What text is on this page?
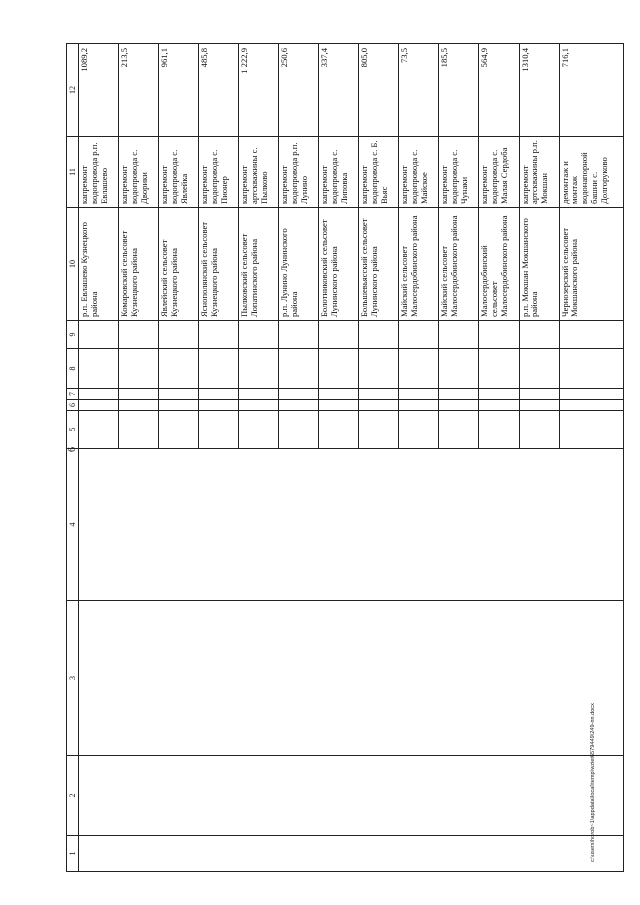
6
1	2	3	4	5	6	7	8	9	10	11	12
									р.п. Евлашево Кузнецкого района	капремонт водопровода р.п. Евлашево	1089,2
									Комаровский сельсовет Кузнецкого района	капремонт водопровода с. Дворики	213,5
									Явлейский сельсовет Кузнецкого района	капремонт водопровода с. Явлейка	961,1
									Яснополянский сельсовет Кузнецкого района	капремонт водопровода с. Пионер	485,8
									Пылковский сельсовет Лопатинского района	капремонт артскважины с. Пылково	1 222,9
									р.п. Лунино Лунинского района	капремонт водопровода р.п. Лунино	250,6
									Болотниковский сельсовет Лунинского района	капремонт водопровода с. Липовка	337,4
									Большевьясский сельсовет Лунинского района	капремонт водопровода с. Б. Вьяс	805,0
									Майский сельсовет Малосердобинского района	капремонт водопровода с. Майское	73,5
									Майский сельсовет Малосердобинского района	капремонт водопровода с. Чунаки	185,5
									Малосердобинский сельсовет Малосердобинского района	капремонт водопровода с. Малая Сердоба	564,9
									р.п. Мокшан Мокшанского района	капремонт артскважины р.п. Мокшан	1310,4
									Чернозерский сельсовет Мокшанского района	демонтаж и монтаж водонапорной башни с. Долгоруково	716,1
c:\users\horob~1\appdata\local\temp\wziet6579449\249-пп.docx
